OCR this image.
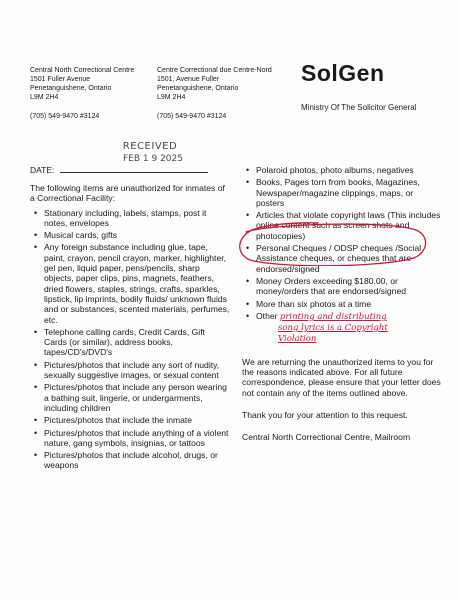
Central North Correctional Centre
1501 Fuller Avenue
Penetanguishene, Ontario
L9M 2H4
(705) 549-9470 #3124
Centre Correctional due Centre-Nord
1501, Avenue Fuller
Penetanguishene, Ontario
L9M 2H4
(705) 549-9470 #3124
SolGen
Ministry Of The Solicitor General
RECEIVED
FEB 1 9 2025
DATE:

The following items are unauthorized for inmates of a Correctional Facility:

• Stationary including, labels, stamps, post it notes, envelopes
• Musical cards, gifts
• Any foreign substance including glue, tape, paint, crayon, pencil crayon, marker, highlighter, gel pen, liquid paper, pens/pencils, sharp objects, paper clips, pins, magnets, feathers, dried flowers, staples, strings, crafts, sparkles, lipstick, lip imprints, bodily fluids/ unknown fluids and or substances, scented materials, perfumes, etc.
• Telephone calling cards, Credit Cards, Gift Cards (or similar), address books, tapes/CD's/DVD's
• Pictures/photos that include any sort of nudity, sexually suggestive images, or sexual content
• Pictures/photos that include any person wearing a bathing suit, lingerie, or undergarments, including children
• Pictures/photos that include the inmate
• Pictures/photos that include anything of a violent nature, gang symbols, insignias, or tattoos
• Pictures/photos that include alcohol, drugs, or weapons
• Polaroid photos, photo albums, negatives
• Books, Pages torn from books, Magazines, Newspaper/magazine clippings, maps, or posters
• Articles that violate copyright laws (This includes online content such as screen shots and photocopies)
• Personal Cheques / ODSP cheques /Social Assistance cheques, or cheques that are endorsed/signed
• Money Orders exceeding $180.00, or money/orders that are endorsed/signed
• More than six photos at a time
• Other printing and distributing
song lyrics is a Copyright
Violation

We are returning the unauthorized items to you for the reasons indicated above. For all future correspondence, please ensure that your letter does not contain any of the items outlined above.

Thank you for your attention to this request.

Central North Correctional Centre, Mailroom
